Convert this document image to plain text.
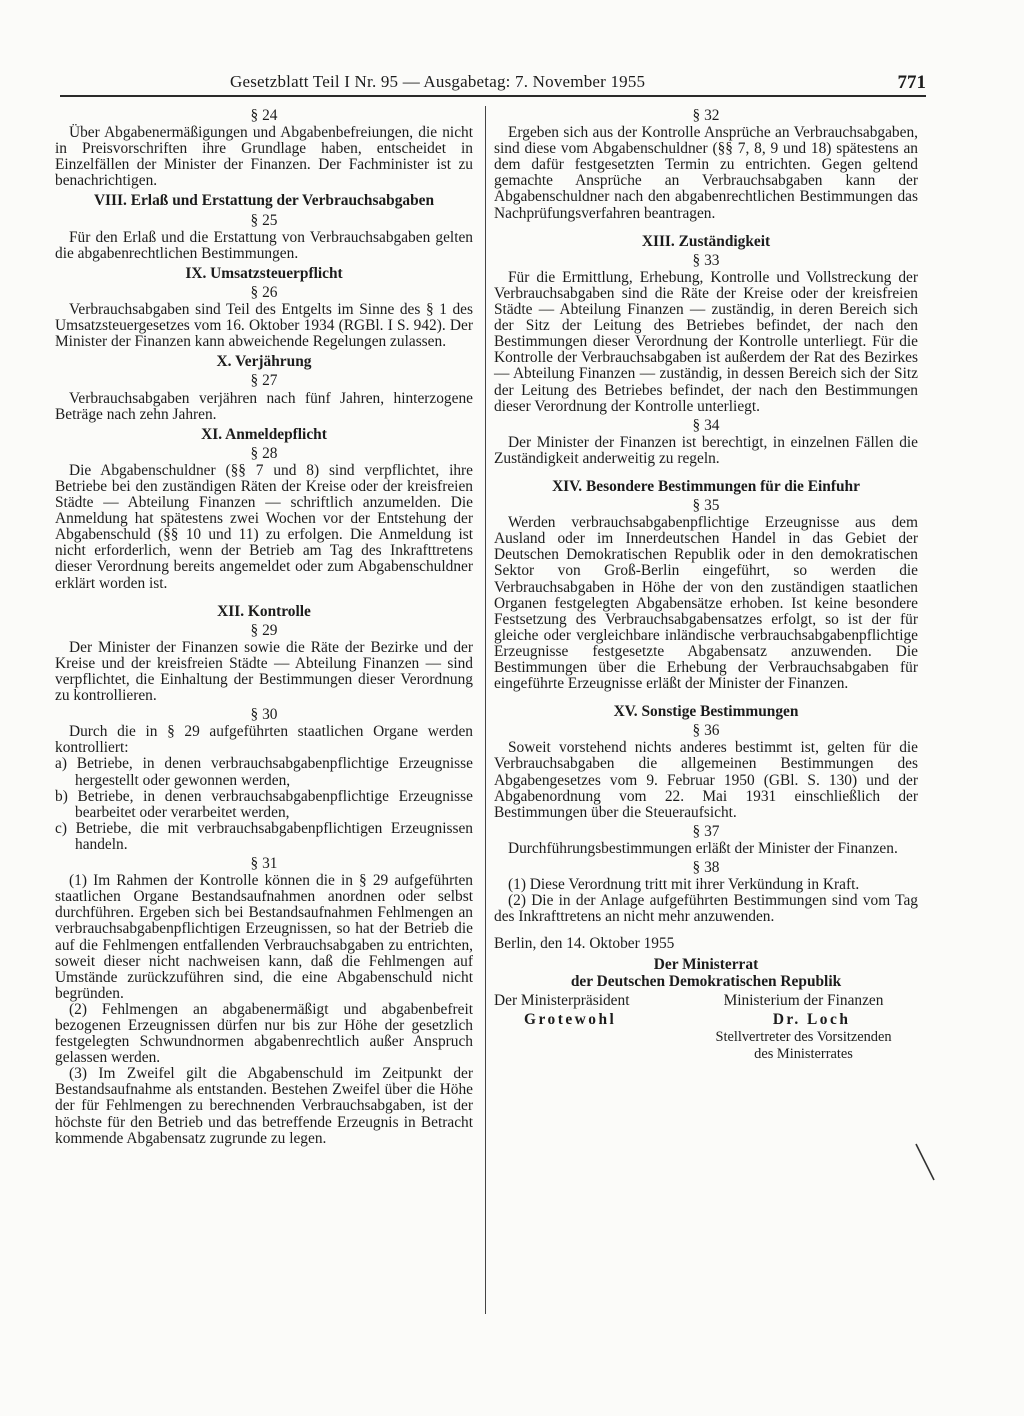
Gesetzblatt Teil I Nr. 95 — Ausgabetag: 7. November 1955	771
§ 24

Über Abgabenermäßigungen und Abgabenbefreiungen, die nicht in Preisvorschriften ihre Grundlage haben, entscheidet in Einzelfällen der Minister der Finanzen. Der Fachminister ist zu benachrichtigen.

VIII. Erlaß und Erstattung der Verbrauchsabgaben
§ 25

Für den Erlaß und die Erstattung von Verbrauchsabgaben gelten die abgabenrechtlichen Bestimmungen.

IX. Umsatzsteuerpflicht
§ 26

Verbrauchsabgaben sind Teil des Entgelts im Sinne des § 1 des Umsatzsteuergesetzes vom 16. Oktober 1934 (RGBl. I S. 942). Der Minister der Finanzen kann abweichende Regelungen zulassen.

X. Verjährung
§ 27

Verbrauchsabgaben verjähren nach fünf Jahren, hinterzogene Beträge nach zehn Jahren.

XI. Anmeldepflicht
§ 28

Die Abgabenschuldner (§§ 7 und 8) sind verpflichtet, ihre Betriebe bei den zuständigen Räten der Kreise oder der kreisfreien Städte — Abteilung Finanzen — schriftlich anzumelden. Die Anmeldung hat spätestens zwei Wochen vor der Entstehung der Abgabenschuld (§§ 10 und 11) zu erfolgen. Die Anmeldung ist nicht erforderlich, wenn der Betrieb am Tag des Inkrafttretens dieser Verordnung bereits angemeldet oder zum Abgabenschuldner erklärt worden ist.

XII. Kontrolle
§ 29

Der Minister der Finanzen sowie die Räte der Bezirke und der Kreise und der kreisfreien Städte — Abteilung Finanzen — sind verpflichtet, die Einhaltung der Bestimmungen dieser Verordnung zu kontrollieren.

§ 30

Durch die in § 29 aufgeführten staatlichen Organe werden kontrolliert:

a) Betriebe, in denen verbrauchsabgabenpflichtige Erzeugnisse hergestellt oder gewonnen werden,

b) Betriebe, in denen verbrauchsabgabenpflichtige Erzeugnisse bearbeitet oder verarbeitet werden,

c) Betriebe, die mit verbrauchsabgabenpflichtigen Erzeugnissen handeln.

§ 31

(1) Im Rahmen der Kontrolle können die in § 29 aufgeführten staatlichen Organe Bestandsaufnahmen anordnen oder selbst durchführen. Ergeben sich bei Bestandsaufnahmen Fehlmengen an verbrauchsabgabenpflichtigen Erzeugnissen, so hat der Betrieb die auf die Fehlmengen entfallenden Verbrauchsabgaben zu entrichten, soweit dieser nicht nachweisen kann, daß die Fehlmengen auf Umstände zurückzuführen sind, die eine Abgabenschuld nicht begründen.

(2) Fehlmengen an abgabenermäßigt und abgabenbefreit bezogenen Erzeugnissen dürfen nur bis zur Höhe der gesetzlich festgelegten Schwundnormen abgabenrechtlich außer Anspruch gelassen werden.

(3) Im Zweifel gilt die Abgabenschuld im Zeitpunkt der Bestandsaufnahme als entstanden. Bestehen Zweifel über die Höhe der für Fehlmengen zu berechnenden Verbrauchsabgaben, ist der höchste für den Betrieb und das betreffende Erzeugnis in Betracht kommende Abgabensatz zugrunde zu legen.

§ 32

Ergeben sich aus der Kontrolle Ansprüche an Verbrauchsabgaben, sind diese vom Abgabenschuldner (§§ 7, 8, 9 und 18) spätestens an dem dafür festgesetzten Termin zu entrichten. Gegen geltend gemachte Ansprüche an Verbrauchsabgaben kann der Abgabenschuldner nach den abgabenrechtlichen Bestimmungen das Nachprüfungsverfahren beantragen.

XIII. Zuständigkeit
§ 33

Für die Ermittlung, Erhebung, Kontrolle und Vollstreckung der Verbrauchsabgaben sind die Räte der Kreise oder der kreisfreien Städte — Abteilung Finanzen — zuständig, in deren Bereich sich der Sitz der Leitung des Betriebes befindet, der nach den Bestimmungen dieser Verordnung der Kontrolle unterliegt. Für die Kontrolle der Verbrauchsabgaben ist außerdem der Rat des Bezirkes — Abteilung Finanzen — zuständig, in dessen Bereich sich der Sitz der Leitung des Betriebes befindet, der nach den Bestimmungen dieser Verordnung der Kontrolle unterliegt.

§ 34

Der Minister der Finanzen ist berechtigt, in einzelnen Fällen die Zuständigkeit anderweitig zu regeln.

XIV. Besondere Bestimmungen für die Einfuhr
§ 35

Werden verbrauchsabgabenpflichtige Erzeugnisse aus dem Ausland oder im Innerdeutschen Handel in das Gebiet der Deutschen Demokratischen Republik oder in den demokratischen Sektor von Groß-Berlin eingeführt, so werden die Verbrauchsabgaben in Höhe der von den zuständigen staatlichen Organen festgelegten Abgabensätze erhoben. Ist keine besondere Festsetzung des Verbrauchsabgabensatzes erfolgt, so ist der für gleiche oder vergleichbare inländische verbrauchsabgabenpflichtige Erzeugnisse festgesetzte Abgabensatz anzuwenden. Die Bestimmungen über die Erhebung der Verbrauchsabgaben für eingeführte Erzeugnisse erläßt der Minister der Finanzen.

XV. Sonstige Bestimmungen
§ 36

Soweit vorstehend nichts anderes bestimmt ist, gelten für die Verbrauchsabgaben die allgemeinen Bestimmungen des Abgabengesetzes vom 9. Februar 1950 (GBl. S. 130) und der Abgabenordnung vom 22. Mai 1931 einschließlich der Bestimmungen über die Steueraufsicht.

§ 37

Durchführungsbestimmungen erläßt der Minister der Finanzen.

§ 38

(1) Diese Verordnung tritt mit ihrer Verkündung in Kraft.

(2) Die in der Anlage aufgeführten Bestimmungen sind vom Tag des Inkrafttretens an nicht mehr anzuwenden.

Berlin, den 14. Oktober 1955

Der Ministerrat
der Deutschen Demokratischen Republik
Der Ministerpräsident	Ministerium der Finanzen
Grotewohl	Dr. Loch
Stellvertreter des Vorsitzenden
des Ministerrates
